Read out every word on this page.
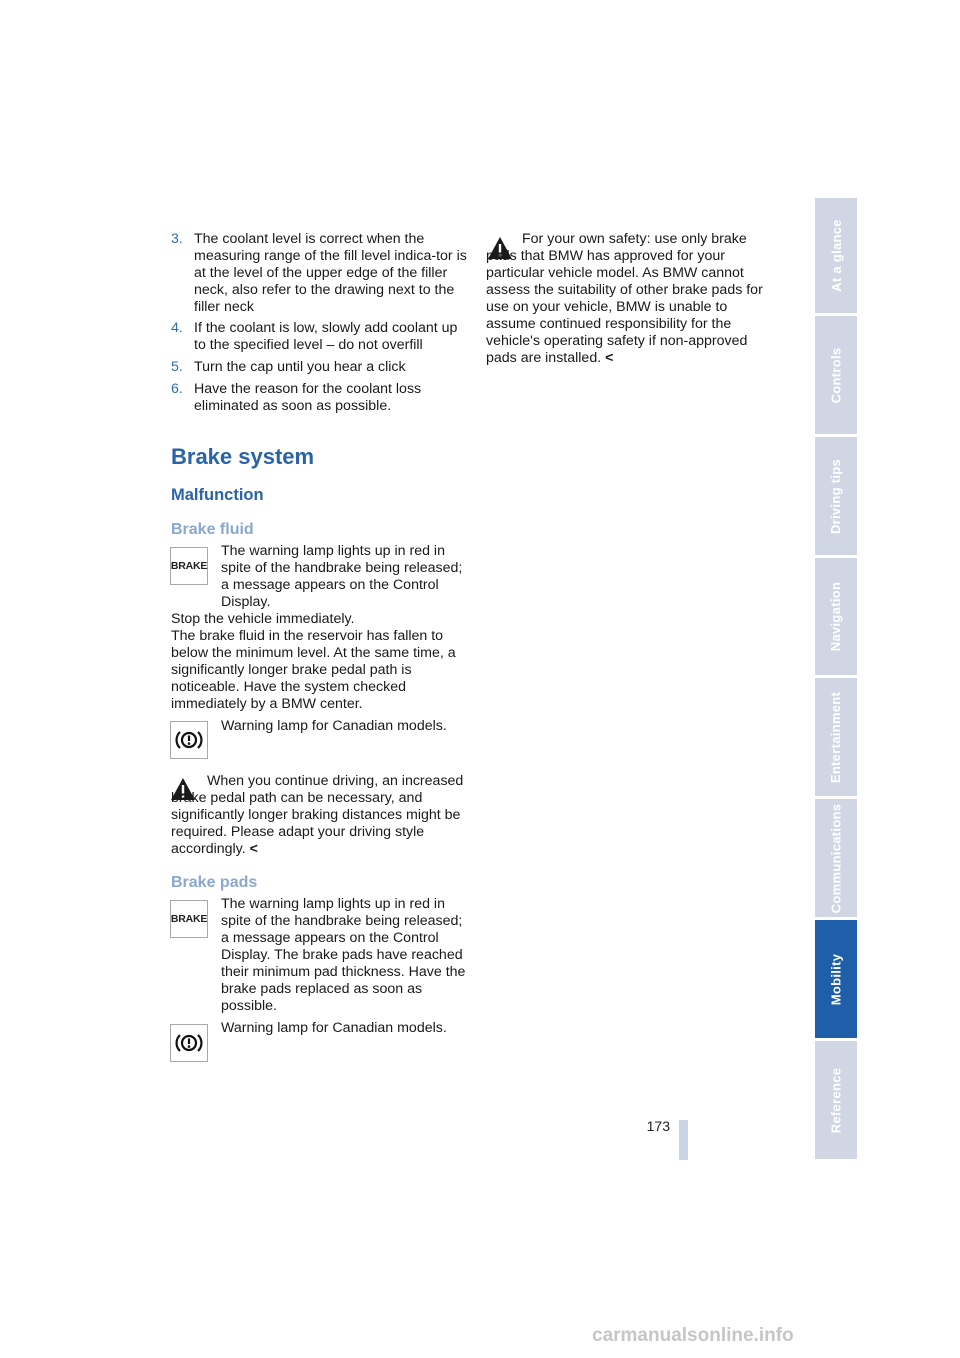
3. The coolant level is correct when the measuring range of the fill level indica-tor is at the level of the upper edge of the filler neck, also refer to the drawing next to the filler neck
4. If the coolant is low, slowly add coolant up to the specified level – do not overfill
5. Turn the cap until you hear a click
6. Have the reason for the coolant loss eliminated as soon as possible.
Brake system
Malfunction
Brake fluid
BRAKE
The warning lamp lights up in red in spite of the handbrake being released; a message appears on the Control Display.
Stop the vehicle immediately.
The brake fluid in the reservoir has fallen to below the minimum level. At the same time, a significantly longer brake pedal path is noticeable. Have the system checked immediately by a BMW center.
Warning lamp for Canadian models.
When you continue driving, an increased brake pedal path can be necessary, and significantly longer braking distances might be required. Please adapt your driving style accordingly. <
Brake pads
BRAKE
The warning lamp lights up in red in spite of the handbrake being released; a message appears on the Control Display. The brake pads have reached their minimum pad thickness. Have the brake pads replaced as soon as possible.
Warning lamp for Canadian models.
For your own safety: use only brake pads that BMW has approved for your particular vehicle model. As BMW cannot assess the suitability of other brake pads for use on your vehicle, BMW is unable to assume continued responsibility for the vehicle's operating safety if non-approved pads are installed. <
At a glance
Controls
Driving tips
Navigation
Entertainment
Communications
Mobility
Reference
173
carmanualsonline.info
